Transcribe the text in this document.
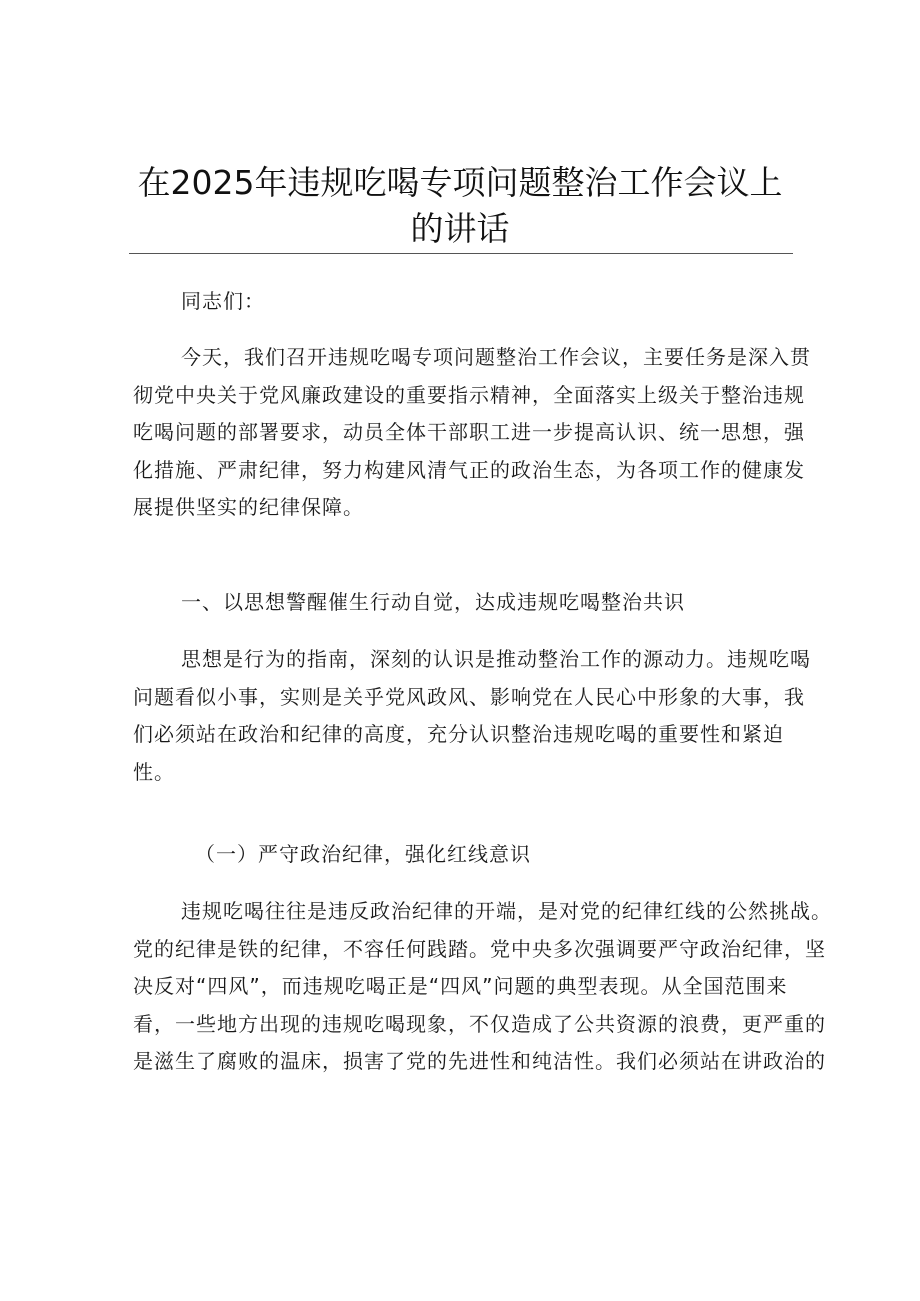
在2025年违规吃喝专项问题整治工作会议上
的讲话

同志们：

今天，我们召开违规吃喝专项问题整治工作会议，主要任务是深入贯
彻党中央关于党风廉政建设的重要指示精神，全面落实上级关于整治违规
吃喝问题的部署要求，动员全体干部职工进一步提高认识、统一思想，强
化措施、严肃纪律，努力构建风清气正的政治生态，为各项工作的健康发
展提供坚实的纪律保障。

一、以思想警醒催生行动自觉，达成违规吃喝整治共识

思想是行为的指南，深刻的认识是推动整治工作的源动力。违规吃喝
问题看似小事，实则是关乎党风政风、影响党在人民心中形象的大事，我
们必须站在政治和纪律的高度，充分认识整治违规吃喝的重要性和紧迫
性。

（一）严守政治纪律，强化红线意识

违规吃喝往往是违反政治纪律的开端，是对党的纪律红线的公然挑战。
党的纪律是铁的纪律，不容任何践踏。党中央多次强调要严守政治纪律，坚
决反对“四风”，而违规吃喝正是“四风”问题的典型表现。从全国范围来
看，一些地方出现的违规吃喝现象，不仅造成了公共资源的浪费，更严重的
是滋生了腐败的温床，损害了党的先进性和纯洁性。我们必须站在讲政治的
